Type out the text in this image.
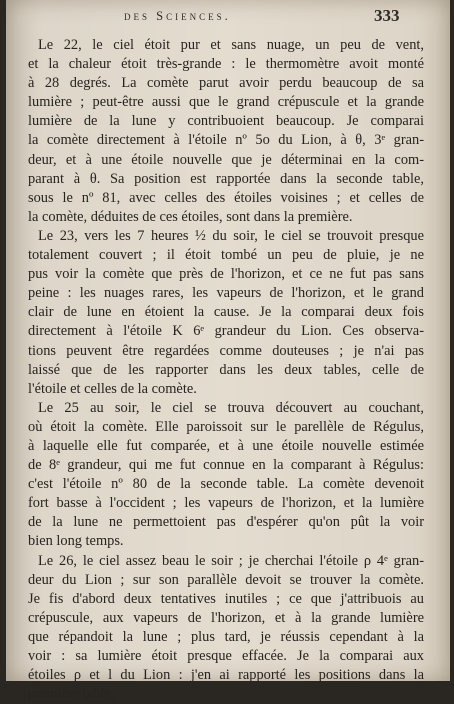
des Sciences.	333

Le 22, le ciel étoit pur et sans nuage, un peu de vent,
et la chaleur étoit très-grande : le thermomètre avoit monté
à 28 degrés. La comète parut avoir perdu beaucoup de sa
lumière ; peut-être aussi que le grand crépuscule et la grande
lumière de la lune y contribuoient beaucoup. Je comparai
la comète directement à l'étoile nº 5o du Lion, à θ, 3ᵉ gran-
deur, et à une étoile nouvelle que je déterminai en la com-
parant à θ. Sa position est rapportée dans la seconde table,
sous le nº 81, avec celles des étoiles voisines ; et celles de
la comète, déduites de ces étoiles, sont dans la première.

Le 23, vers les 7 heures ½ du soir, le ciel se trouvoit presque
totalement couvert ; il étoit tombé un peu de pluie, je ne
pus voir la comète que près de l'horizon, et ce ne fut pas sans
peine : les nuages rares, les vapeurs de l'horizon, et le grand
clair de lune en étoient la cause. Je la comparai deux fois
directement à l'étoile K 6ᵉ grandeur du Lion. Ces observa-
tions peuvent être regardées comme douteuses ; je n'ai pas
laissé que de les rapporter dans les deux tables, celle de
l'étoile et celles de la comète.

Le 25 au soir, le ciel se trouva découvert au couchant,
où étoit la comète. Elle paroissoit sur le parellèle de Régulus,
à laquelle elle fut comparée, et à une étoile nouvelle estimée
de 8ᵉ grandeur, qui me fut connue en la comparant à Régulus:
c'est l'étoile nº 80 de la seconde table. La comète devenoit
fort basse à l'occident ; les vapeurs de l'horizon, et la lumière
de la lune ne permettoient pas d'espérer qu'on pût la voir
bien long temps.

Le 26, le ciel assez beau le soir ; je cherchai l'étoile ρ 4ᵉ gran-
deur du Lion ; sur son parallèle devoit se trouver la comète.
Je fis d'abord deux tentatives inutiles ; ce que j'attribuois au
crépuscule, aux vapeurs de l'horizon, et à la grande lumière
que répandoit la lune ; plus tard, je réussis cependant à la
voir : sa lumière étoit presque effacée. Je la comparai aux
étoiles ρ et l du Lion : j'en ai rapporté les positions dans la
première table.
